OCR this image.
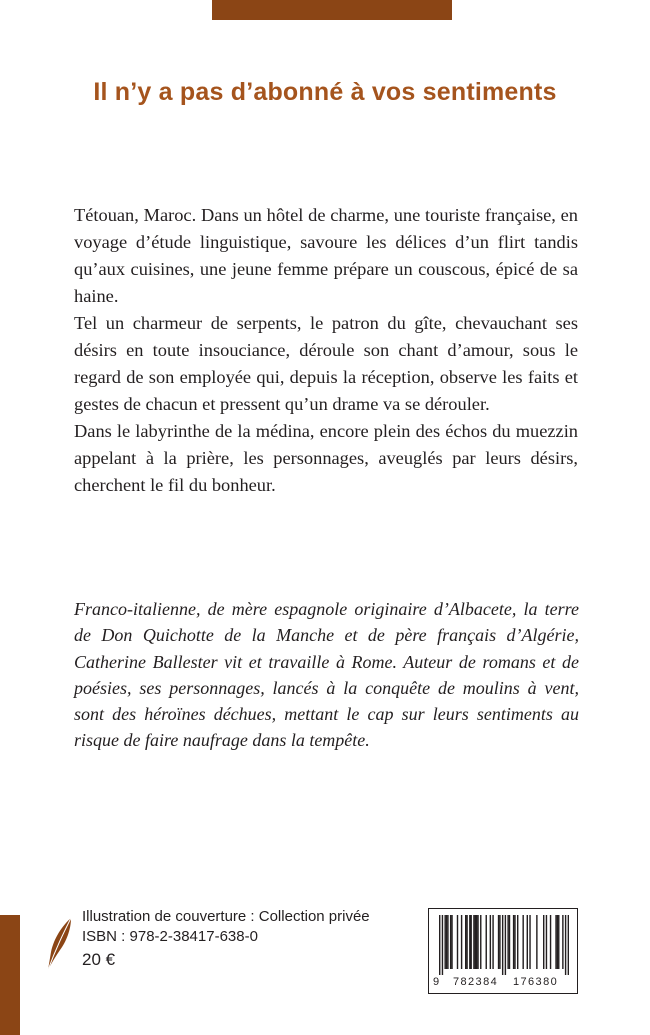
Il n’y a pas d’abonné à vos sentiments

Tétouan, Maroc. Dans un hôtel de charme, une touriste française, en voyage d’étude linguistique, savoure les délices d’un flirt tandis qu’aux cuisines, une jeune femme prépare un couscous, épicé de sa haine.

Tel un charmeur de serpents, le patron du gîte, chevauchant ses désirs en toute insouciance, déroule son chant d’amour, sous le regard de son employée qui, depuis la réception, observe les faits et gestes de chacun et pressent qu’un drame va se dérouler.

Dans le labyrinthe de la médina, encore plein des échos du muezzin appelant à la prière, les personnages, aveuglés par leurs désirs, cherchent le fil du bonheur.

Franco-italienne, de mère espagnole originaire d’Albacete, la terre de Don Quichotte de la Manche et de père français d’Algérie, Catherine Ballester vit et travaille à Rome. Auteur de romans et de poésies, ses personnages, lancés à la conquête de moulins à vent, sont des héroïnes déchues, mettant le cap sur leurs sentiments au risque de faire naufrage dans la tempête.

Illustration de couverture : Collection privée
ISBN : 978-2-38417-638-0
20 €
9 782384 176380
